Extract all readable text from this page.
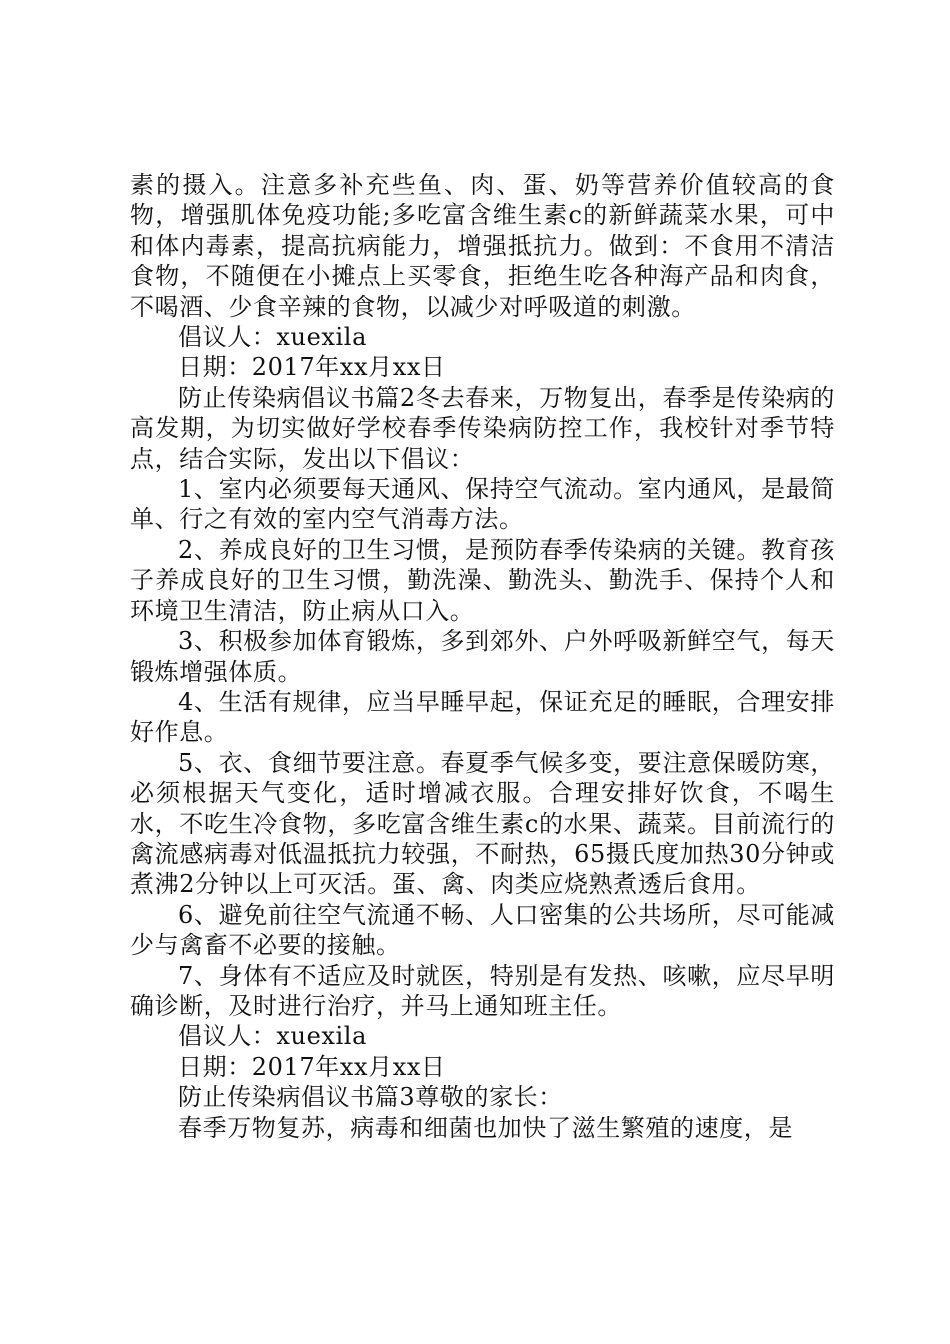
素的摄入。注意多补充些鱼、肉、蛋、奶等营养价值较高的食物，增强肌体免疫功能;多吃富含维生素c的新鲜蔬菜水果，可中和体内毒素，提高抗病能力，增强抵抗力。做到：不食用不清洁食物，不随便在小摊点上买零食，拒绝生吃各种海产品和肉食，不喝酒、少食辛辣的食物，以减少对呼吸道的刺激。

倡议人：xuexila

日期：2017年xx月xx日

防止传染病倡议书篇2冬去春来，万物复出，春季是传染病的高发期，为切实做好学校春季传染病防控工作，我校针对季节特点，结合实际，发出以下倡议：

1、室内必须要每天通风、保持空气流动。室内通风，是最简单、行之有效的室内空气消毒方法。

2、养成良好的卫生习惯，是预防春季传染病的关键。教育孩子养成良好的卫生习惯，勤洗澡、勤洗头、勤洗手、保持个人和环境卫生清洁，防止病从口入。

3、积极参加体育锻炼，多到郊外、户外呼吸新鲜空气，每天锻炼增强体质。

4、生活有规律，应当早睡早起，保证充足的睡眠，合理安排好作息。

5、衣、食细节要注意。春夏季气候多变，要注意保暖防寒，必须根据天气变化，适时增减衣服。合理安排好饮食，不喝生水，不吃生冷食物，多吃富含维生素c的水果、蔬菜。目前流行的禽流感病毒对低温抵抗力较强，不耐热，65摄氏度加热30分钟或煮沸2分钟以上可灭活。蛋、禽、肉类应烧熟煮透后食用。

6、避免前往空气流通不畅、人口密集的公共场所，尽可能减少与禽畜不必要的接触。

7、身体有不适应及时就医，特别是有发热、咳嗽，应尽早明确诊断，及时进行治疗，并马上通知班主任。

倡议人：xuexila

日期：2017年xx月xx日

防止传染病倡议书篇3尊敬的家长：

春季万物复苏，病毒和细菌也加快了滋生繁殖的速度，是
